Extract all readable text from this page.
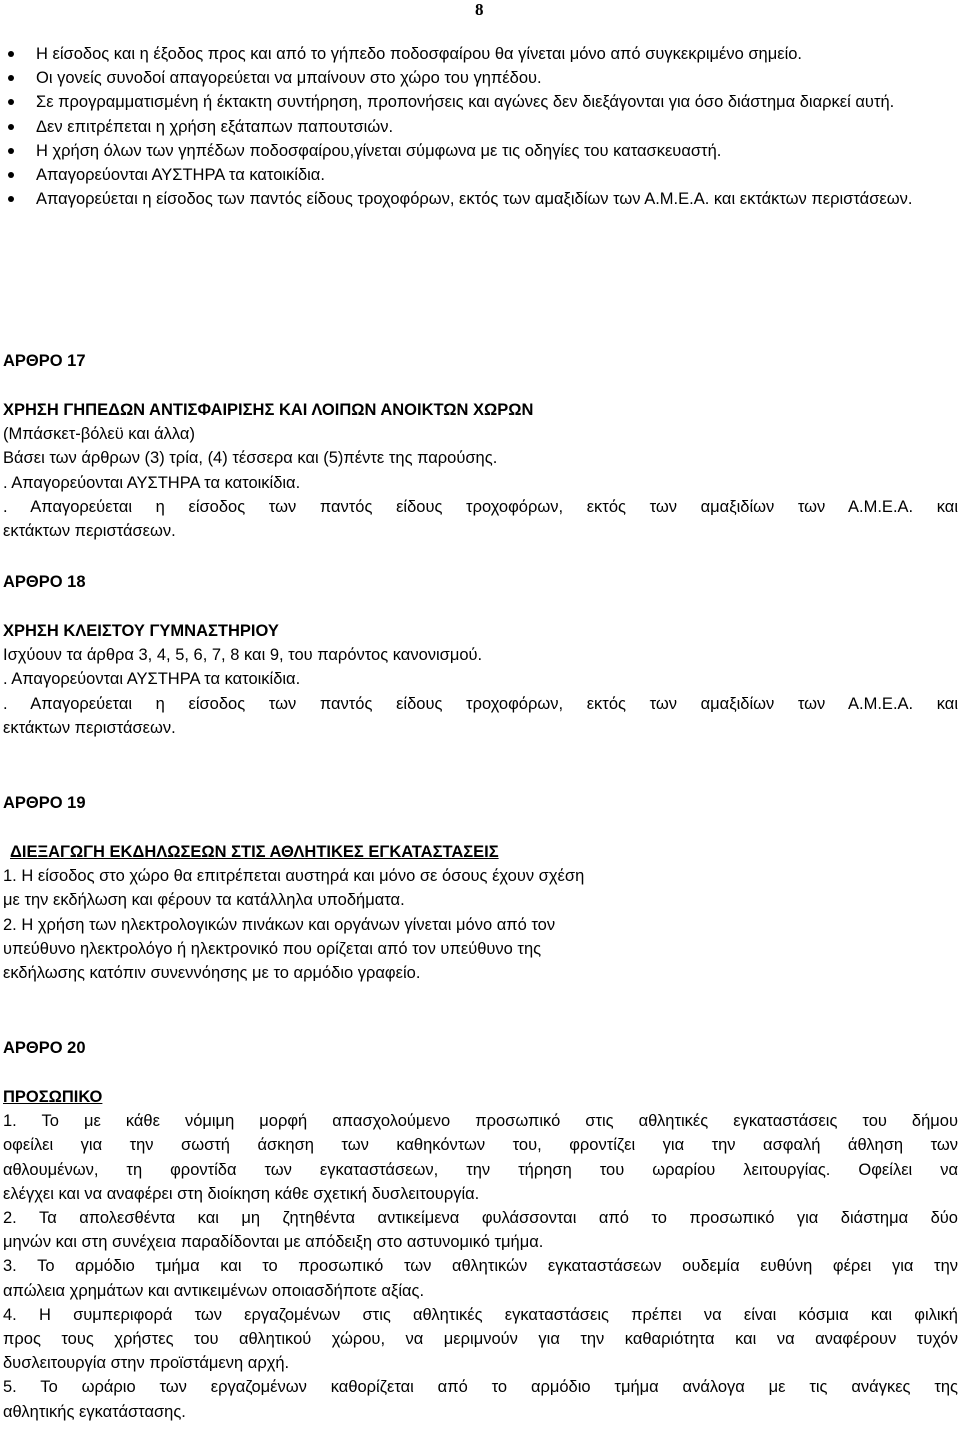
8
Η είσοδος και η έξοδος προς και από το γήπεδο ποδοσφαίρου θα γίνεται μόνο από συγκεκριμένο σημείο.
Οι γονείς συνοδοί απαγορεύεται να μπαίνουν στο χώρο του γηπέδου.
Σε προγραμματισμένη ή έκτακτη συντήρηση, προπονήσεις και αγώνες δεν διεξάγονται για όσο διάστημα διαρκεί αυτή.
Δεν επιτρέπεται η χρήση εξάταπων παπουτσιών.
Η χρήση όλων των γηπέδων ποδοσφαίρου,γίνεται σύμφωνα με τις οδηγίες του κατασκευαστή.
Απαγορεύονται ΑΥΣΤΗΡΑ τα κατοικίδια.
Απαγορεύεται η είσοδος των παντός είδους τροχοφόρων, εκτός των αμαξιδίων των Α.Μ.Ε.Α. και εκτάκτων περιστάσεων.
ΑΡΘΡΟ 17
ΧΡΗΣΗ ΓΗΠΕΔΩΝ ΑΝΤΙΣΦΑΙΡΙΣΗΣ ΚΑΙ ΛΟΙΠΩΝ ΑΝΟΙΚΤΩΝ ΧΩΡΩΝ
(Μπάσκετ-βόλεϋ και άλλα)
Βάσει των άρθρων (3) τρία, (4) τέσσερα και (5)πέντε της παρούσης.
. Απαγορεύονται ΑΥΣΤΗΡΑ τα κατοικίδια.
. Απαγορεύεται η είσοδος των παντός είδους τροχοφόρων, εκτός των αμαξιδίων των Α.Μ.Ε.Α. και
εκτάκτων περιστάσεων.
ΑΡΘΡΟ 18
ΧΡΗΣΗ ΚΛΕΙΣΤΟΥ ΓΥΜΝΑΣΤΗΡΙΟΥ
Ισχύουν τα άρθρα 3, 4, 5, 6, 7, 8 και 9, του παρόντος κανονισμού.
. Απαγορεύονται ΑΥΣΤΗΡΑ τα κατοικίδια.
. Απαγορεύεται η είσοδος των παντός είδους τροχοφόρων, εκτός των αμαξιδίων των Α.Μ.Ε.Α. και
εκτάκτων περιστάσεων.
ΑΡΘΡΟ 19
ΔΙΕΞΑΓΩΓΗ ΕΚΔΗΛΩΣΕΩΝ ΣΤΙΣ ΑΘΛΗΤΙΚΕΣ ΕΓΚΑΤΑΣΤΑΣΕΙΣ
1. Η είσοδος στο χώρο θα επιτρέπεται αυστηρά και μόνο σε όσους έχουν σχέση
με την εκδήλωση και φέρουν τα κατάλληλα υποδήματα.
2. Η χρήση των ηλεκτρολογικών πινάκων και οργάνων γίνεται μόνο από τον
υπεύθυνο ηλεκτρολόγο ή ηλεκτρονικό που ορίζεται από τον υπεύθυνο της
εκδήλωσης κατόπιν συνεννόησης με το αρμόδιο γραφείο.
ΑΡΘΡΟ 20
ΠΡΟΣΩΠΙΚΟ
1. Το με κάθε νόμιμη μορφή απασχολούμενο προσωπικό στις αθλητικές εγκαταστάσεις του δήμου
οφείλει για την σωστή άσκηση των καθηκόντων του, φροντίζει για την ασφαλή άθληση των
αθλουμένων, τη φροντίδα των εγκαταστάσεων, την τήρηση του ωραρίου λειτουργίας. Οφείλει να
ελέγχει και να αναφέρει στη διοίκηση κάθε σχετική δυσλειτουργία.
2. Τα απολεσθέντα και μη ζητηθέντα αντικείμενα φυλάσσονται από το προσωπικό για διάστημα δύο
μηνών και στη συνέχεια παραδίδονται με απόδειξη στο αστυνομικό τμήμα.
3. Το αρμόδιο τμήμα και το προσωπικό των αθλητικών εγκαταστάσεων ουδεμία ευθύνη φέρει για την
απώλεια χρημάτων και αντικειμένων οποιασδήποτε αξίας.
4. Η συμπεριφορά των εργαζομένων στις αθλητικές εγκαταστάσεις πρέπει να είναι κόσμια και φιλική
προς τους χρήστες του αθλητικού χώρου, να μεριμνούν για την καθαριότητα και να αναφέρουν τυχόν
δυσλειτουργία στην προϊστάμενη αρχή.
5. Το ωράριο των εργαζομένων καθορίζεται από το αρμόδιο τμήμα ανάλογα με τις ανάγκες της
αθλητικής εγκατάστασης.
